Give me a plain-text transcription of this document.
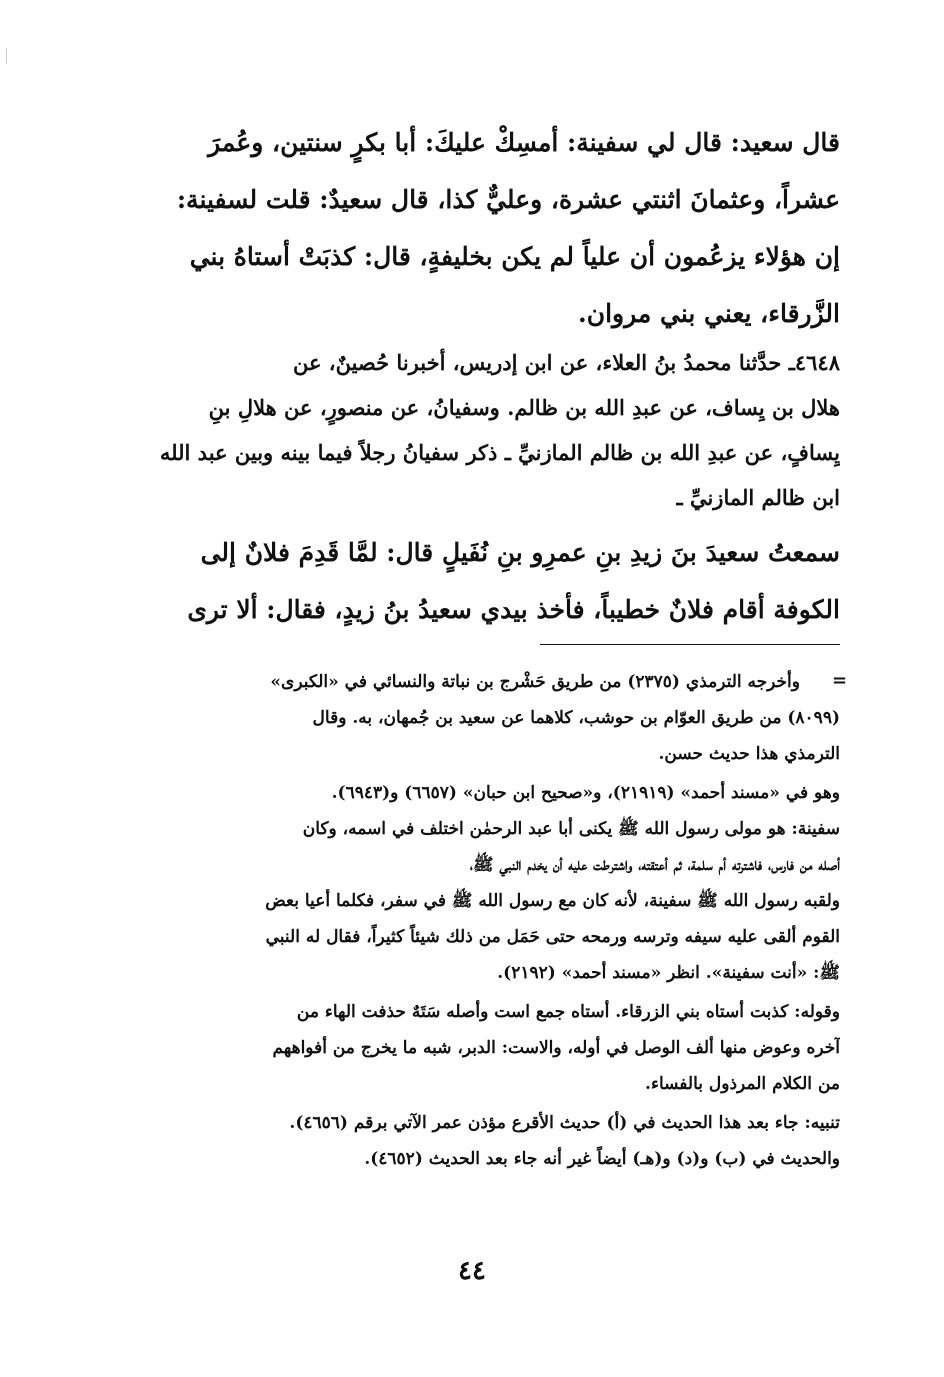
قال سعيد: قال لي سفينة: أمسِكْ عليكَ: أبا بكرٍ سنتين، وعُمرَ
عشراً، وعثمانَ اثنتي عشرة، وعليٌّ كذا، قال سعيدٌ: قلت لسفينة:
إن هؤلاء يزعُمون أن علياً لم يكن بخليفةٍ، قال: كذبَتْ أستاهُ بني
الزَّرقاء، يعني بني مروان.
٤٦٤٨ـ حدَّثنا محمدُ بنُ العلاء، عن ابن إدريس، أخبرنا حُصينٌ، عن
هلال بن يِساف، عن عبدِ الله بن ظالم. وسفيانُ، عن منصورٍ، عن هلالِ بنِ
يِسافٍ، عن عبدِ الله بن ظالم المازنيِّ ـ ذكر سفيانُ رجلاً فيما بينه وبين عبد الله
ابن ظالم المازنيِّ ـ
سمعتُ سعيدَ بنَ زيدِ بنِ عمرِو بنِ نُفَيلٍ قال: لمَّا قَدِمَ فلانٌ إلى
الكوفة أقام فلانٌ خطيباً، فأخذ بيدي سعيدُ بنُ زيدٍ، فقال: ألا ترى
=

وأخرجه الترمذي (٢٣٧٥) من طريق حَشْرج بن نباتة والنسائي في «الكبرى»

(٨٠٩٩) من طريق العوّام بن حوشب، كلاهما عن سعيد بن جُمهان، به. وقال

الترمذي هذا حديث حسن.

وهو في «مسند أحمد» (٢١٩١٩)، و«صحيح ابن حبان» (٦٦٥٧) و(٦٩٤٣).

سفينة: هو مولى رسول الله ﷺ يكنى أبا عبد الرحمٰن اختلف في اسمه، وكان

أصله من فارس، فاشترته أم سلمة، ثم أعتقته، واشترطت عليه أن يخدم النبي ﷺ،

ولقبه رسول الله ﷺ سفينة، لأنه كان مع رسول الله ﷺ في سفر، فكلما أعيا بعض

القوم ألقى عليه سيفه وترسه ورمحه حتى حَمَل من ذلك شيئاً كثيراً، فقال له النبي

ﷺ: «أنت سفينة». انظر «مسند أحمد» (٢١٩٢).

وقوله: كذبت أستاه بني الزرقاء. أستاه جمع است وأصله سَتَهٌ حذفت الهاء من

آخره وعوض منها ألف الوصل في أوله، والاست: الدبر، شبه ما يخرج من أفواههم

من الكلام المرذول بالفساء.

تنبيه: جاء بعد هذا الحديث في (أ) حديث الأقرع مؤذن عمر الآتي برقم (٤٦٥٦).

والحديث في (ب) و(د) و(هـ) أيضاً غير أنه جاء بعد الحديث (٤٦٥٢).

٤٤
